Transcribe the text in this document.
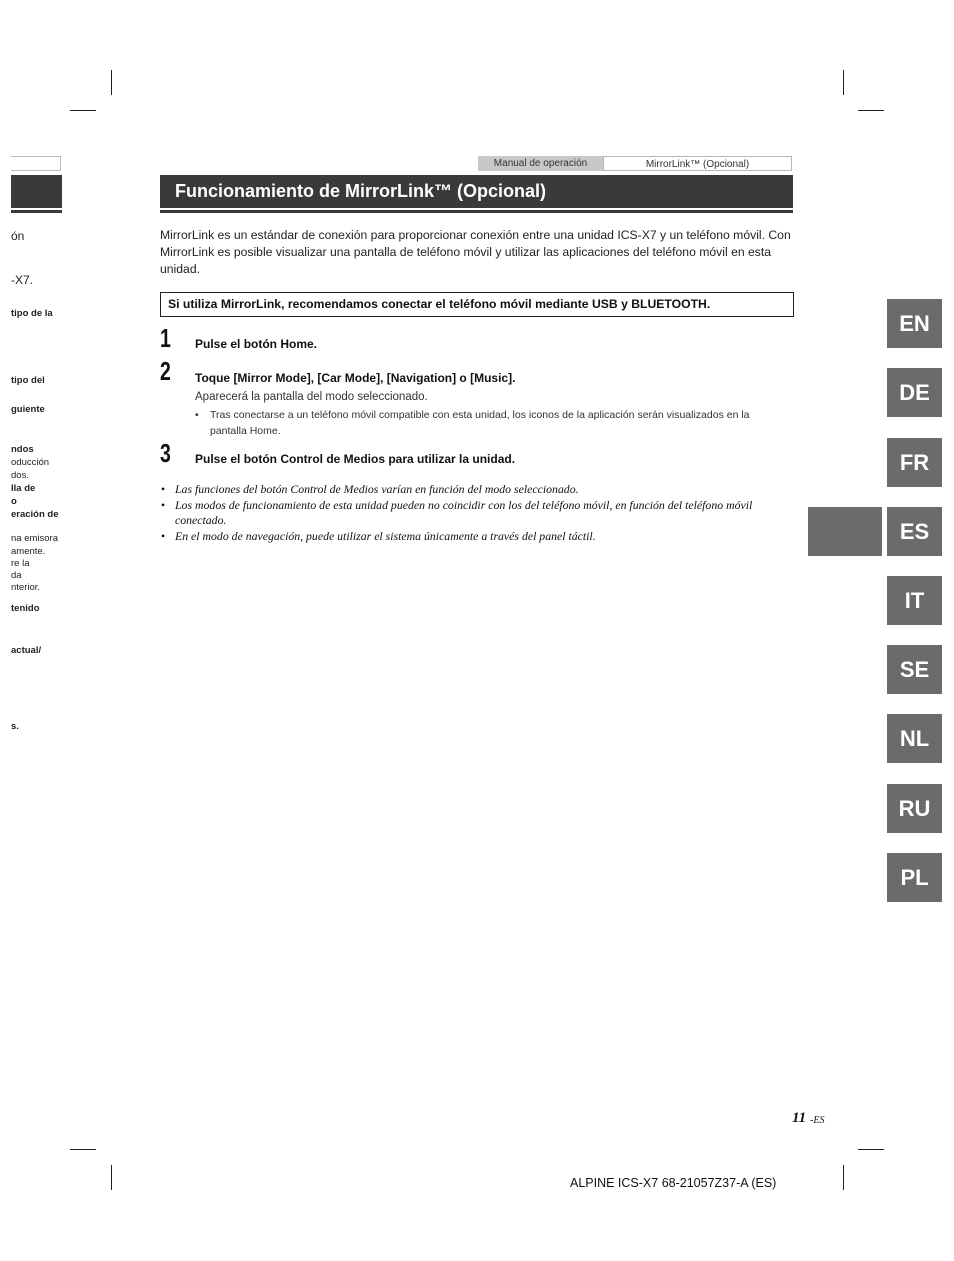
ón
-X7.
tipo de la
tipo del
guiente
ndos
oducción
dos.
lla de
o
eración de
na emisora
amente.
re la
da
nterior.
tenido
actual/
s.
Manual de operación	MirrorLink™ (Opcional)
Funcionamiento de MirrorLink™ (Opcional)

MirrorLink es un estándar de conexión para proporcionar conexión entre una unidad ICS-X7 y un teléfono móvil. Con MirrorLink es posible visualizar una pantalla de teléfono móvil y utilizar las aplicaciones del teléfono móvil en esta unidad.

Si utiliza MirrorLink, recomendamos conectar el teléfono móvil mediante USB y BLUETOOTH.
1 Pulse el botón Home.
2 Toque [Mirror Mode], [Car Mode], [Navigation] o [Music].
Aparecerá la pantalla del modo seleccionado.
•	Tras conectarse a un teléfono móvil compatible con esta unidad, los iconos de la aplicación serán visualizados en la pantalla Home.
3 Pulse el botón Control de Medios para utilizar la unidad.
• Las funciones del botón Control de Medios varían en función del modo seleccionado.
• Los modos de funcionamiento de esta unidad pueden no coincidir con los del teléfono móvil, en función del teléfono móvil conectado.
• En el modo de navegación, puede utilizar el sistema únicamente a través del panel táctil.
EN
DE
FR
ES
IT
SE
NL
RU
PL
11 -ES
ALPINE ICS-X7 68-21057Z37-A (ES)
